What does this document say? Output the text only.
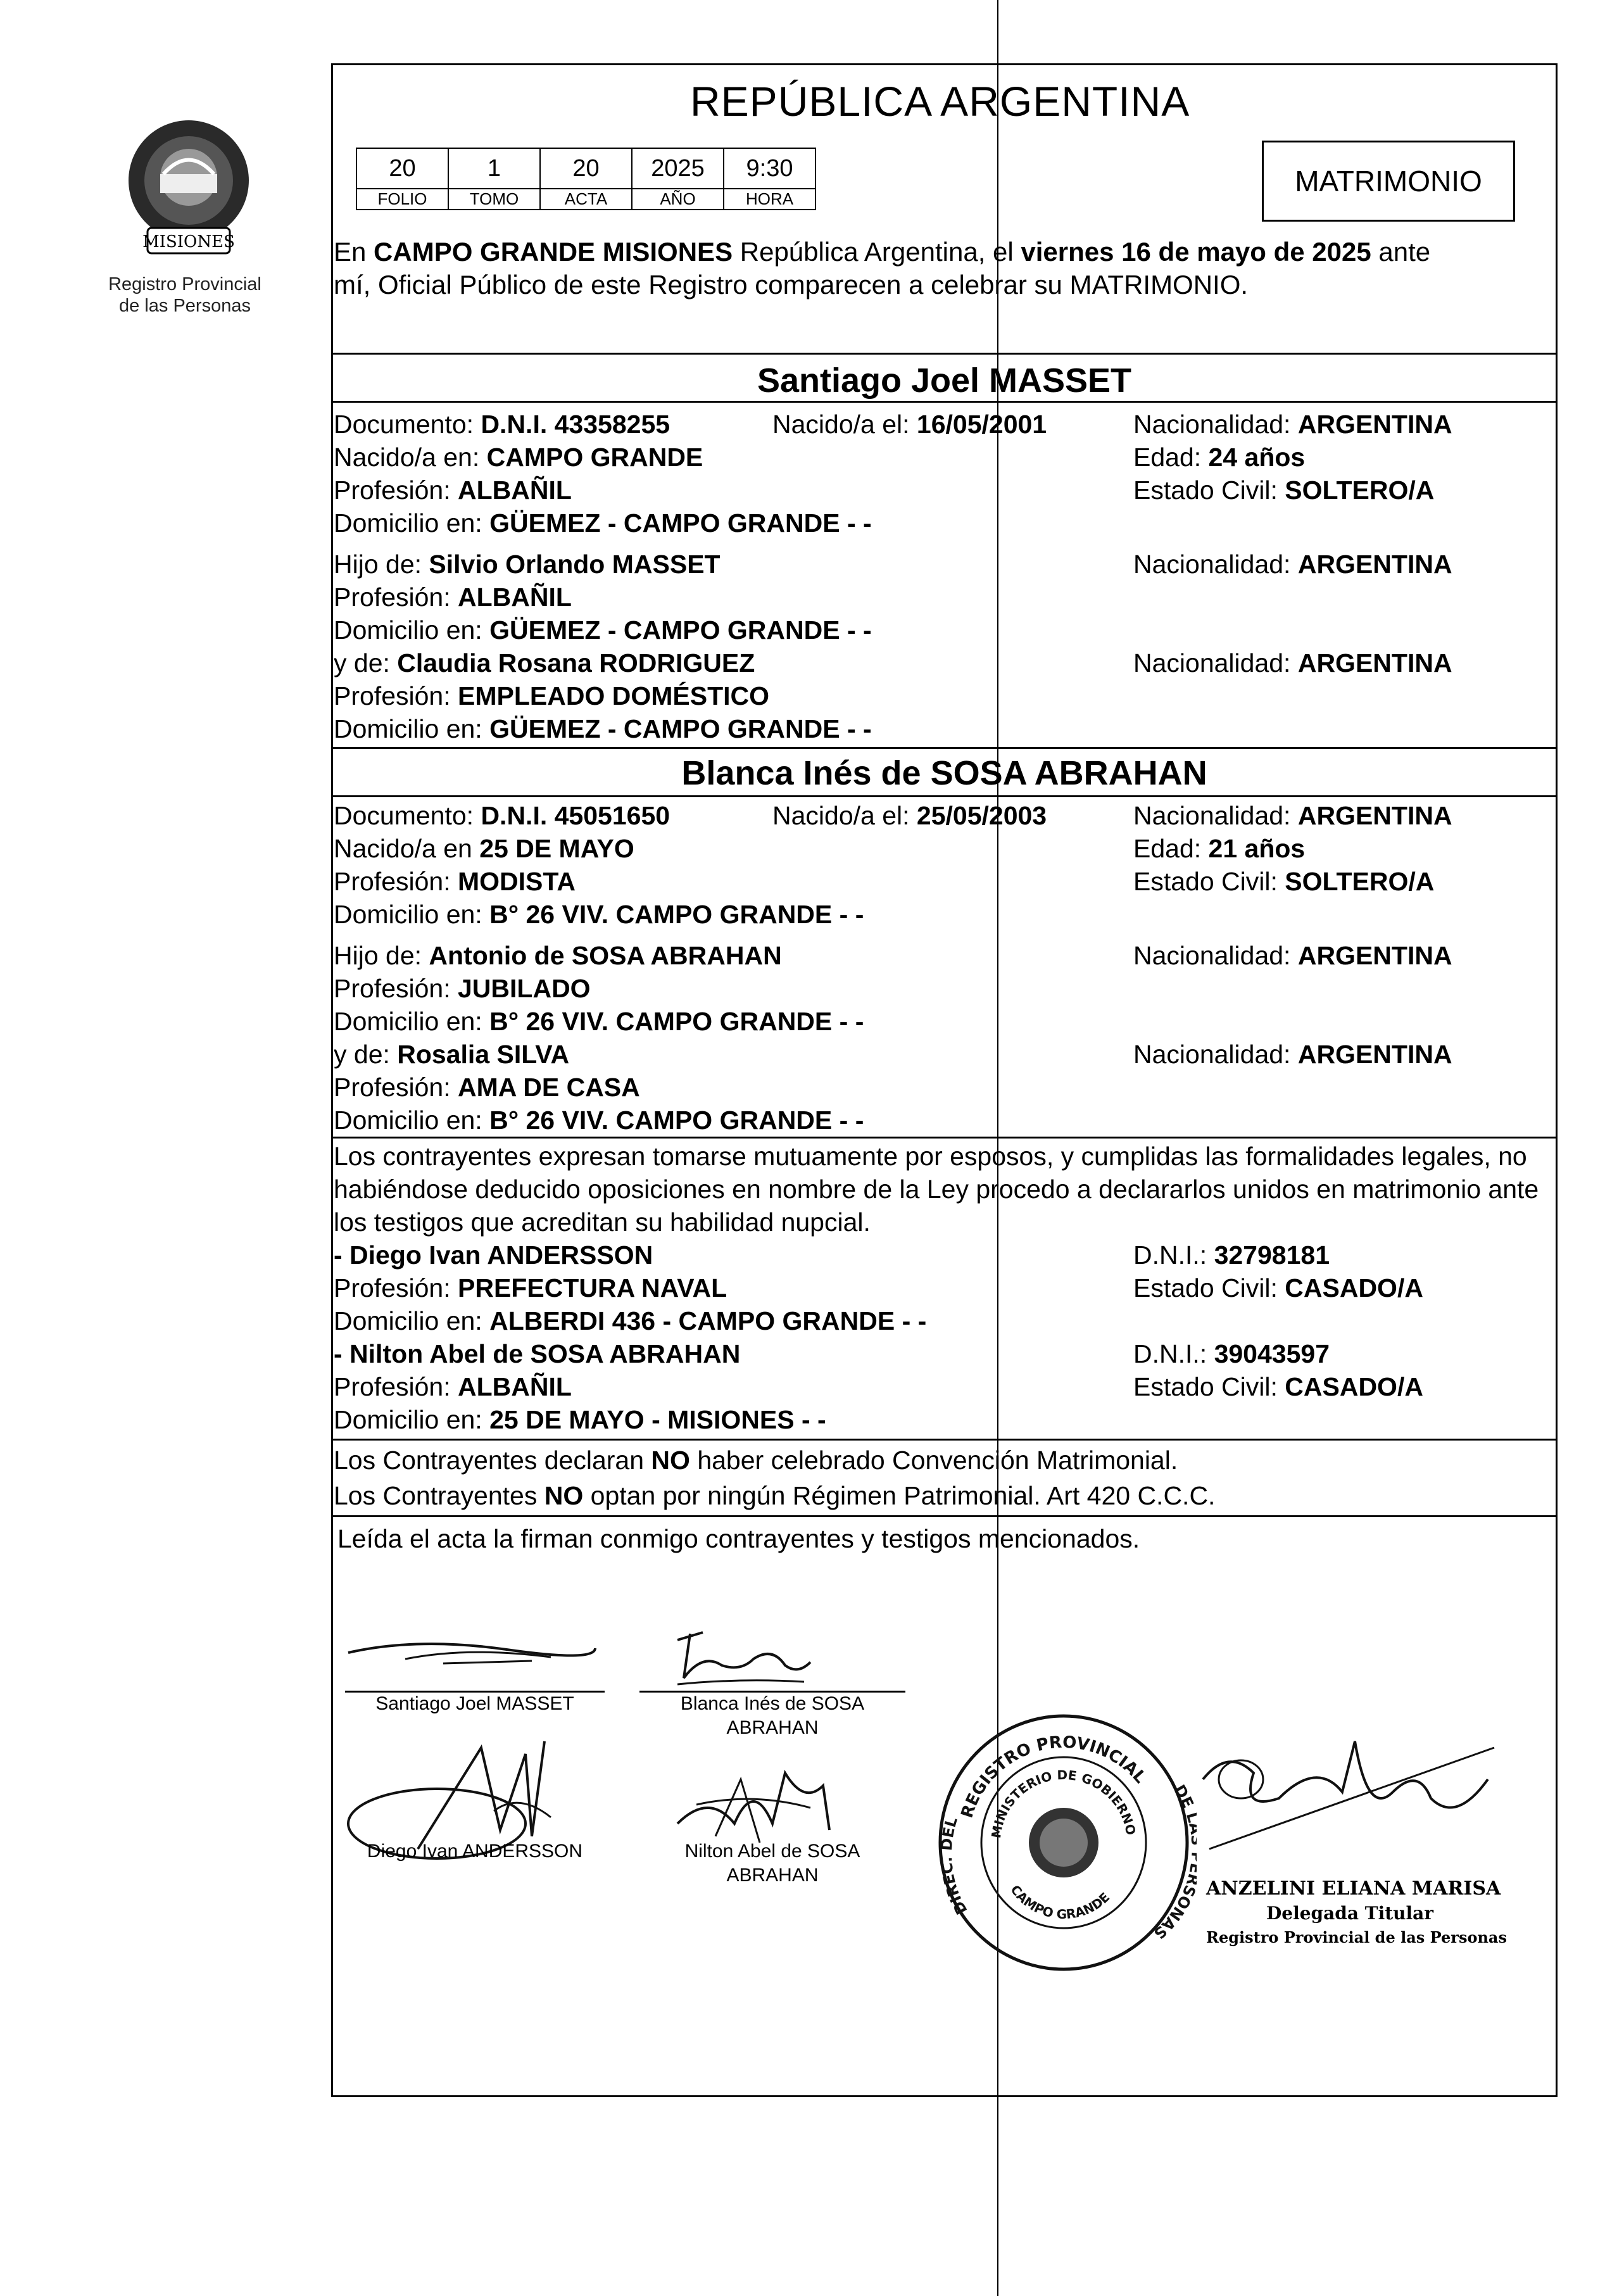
MISIONES
Registro Provincial
de las Personas
REPÚBLICA ARGENTINA
20	1	20	2025	9:30
FOLIO	TOMO	ACTA	AÑO	HORA
MATRIMONIO
En CAMPO GRANDE MISIONES República Argentina, el viernes 16 de mayo de 2025 ante
mí, Oficial Público de este Registro comparecen a celebrar su MATRIMONIO.
Santiago Joel MASSET
Documento: D.N.I. 43358255	Nacido/a el: 16/05/2001	Nacionalidad: ARGENTINA
Nacido/a en: CAMPO GRANDE	Edad: 24 años
Profesión: ALBAÑIL	Estado Civil: SOLTERO/A
Domicilio en: GÜEMEZ - CAMPO GRANDE - -
Hijo de: Silvio Orlando MASSET	Nacionalidad: ARGENTINA
Profesión: ALBAÑIL
Domicilio en: GÜEMEZ - CAMPO GRANDE - -
y de: Claudia Rosana RODRIGUEZ	Nacionalidad: ARGENTINA
Profesión: EMPLEADO DOMÉSTICO
Domicilio en: GÜEMEZ - CAMPO GRANDE - -
Blanca Inés de SOSA ABRAHAN
Documento: D.N.I. 45051650	Nacido/a el: 25/05/2003	Nacionalidad: ARGENTINA
Nacido/a en 25 DE MAYO	Edad: 21 años
Profesión: MODISTA	Estado Civil: SOLTERO/A
Domicilio en: B° 26 VIV. CAMPO GRANDE - -
Hijo de: Antonio de SOSA ABRAHAN	Nacionalidad: ARGENTINA
Profesión: JUBILADO
Domicilio en: B° 26 VIV. CAMPO GRANDE - -
y de: Rosalia SILVA	Nacionalidad: ARGENTINA
Profesión: AMA DE CASA
Domicilio en: B° 26 VIV. CAMPO GRANDE - -
Los contrayentes expresan tomarse mutuamente por esposos, y cumplidas las formalidades legales, no
habiéndose deducido oposiciones en nombre de la Ley procedo a declararlos unidos en matrimonio ante
los testigos que acreditan su habilidad nupcial.
- Diego Ivan ANDERSSON	D.N.I.: 32798181
Profesión: PREFECTURA NAVAL	Estado Civil: CASADO/A
Domicilio en: ALBERDI 436 - CAMPO GRANDE - -
- Nilton Abel de SOSA ABRAHAN	D.N.I.: 39043597
Profesión: ALBAÑIL	Estado Civil: CASADO/A
Domicilio en: 25 DE MAYO - MISIONES - -
Los Contrayentes declaran NO haber celebrado Convención Matrimonial.
Los Contrayentes NO optan por ningún Régimen Patrimonial. Art 420 C.C.C.
Leída el acta la firman conmigo contrayentes y testigos mencionados.
Santiago Joel MASSET	Blanca Inés de SOSA
ABRAHAN
Diego Ivan ANDERSSON	Nilton Abel de SOSA
ABRAHAN
REGISTRO PROVINCIAL
MINISTERIO DE GOBIERNO
CAMPO GRANDE
DIREC. DEL
DE ONAS
ANZELINI ELIANA MARISA
Delegada Titular
Registro Provincial de las Personas
